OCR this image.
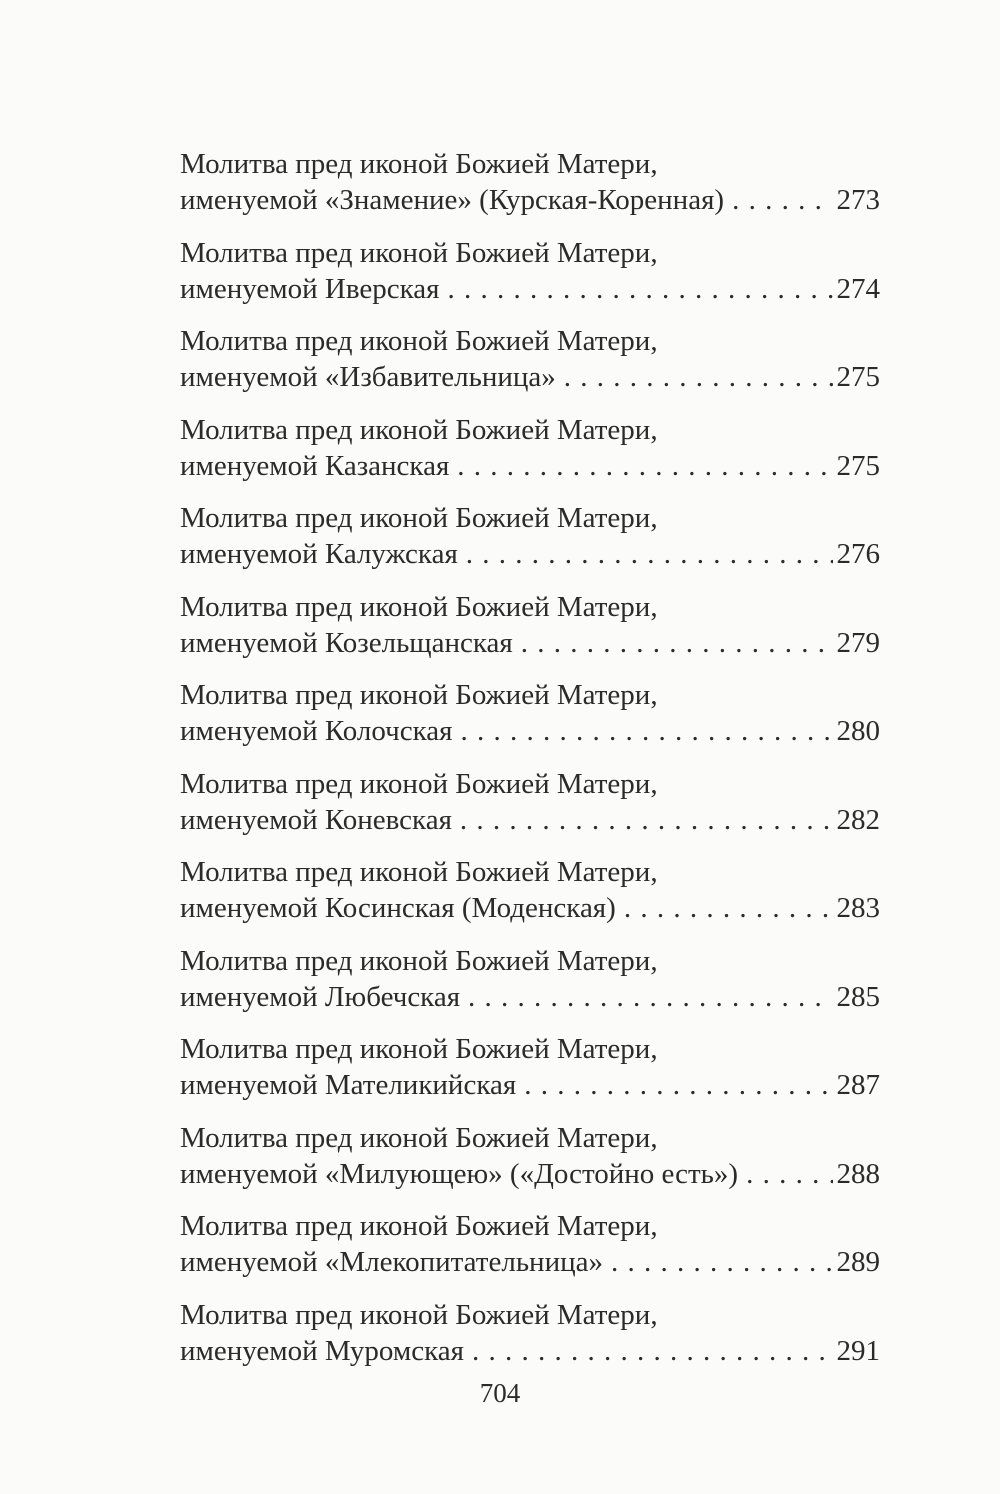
Молитва пред иконой Божией Матери,
именуемой «Знамение» (Курская-Коренная) . . .	273
Молитва пред иконой Божией Матери,
именуемой Иверская . . .	274
Молитва пред иконой Божией Матери,
именуемой «Избавительница» . . .	275
Молитва пред иконой Божией Матери,
именуемой Казанская . . .	275
Молитва пред иконой Божией Матери,
именуемой Калужская . . .	276
Молитва пред иконой Божией Матери,
именуемой Козельщанская . . .	279
Молитва пред иконой Божией Матери,
именуемой Колочская . . .	280
Молитва пред иконой Божией Матери,
именуемой Коневская . . .	282
Молитва пред иконой Божией Матери,
именуемой Косинская (Моденская) . . .	283
Молитва пред иконой Божией Матери,
именуемой Любечская . . .	285
Молитва пред иконой Божией Матери,
именуемой Мателикийская . . .	287
Молитва пред иконой Божией Матери,
именуемой «Милующею» («Достойно есть») . . .	288
Молитва пред иконой Божией Матери,
именуемой «Млекопитательница» . . .	289
Молитва пред иконой Божией Матери,
именуемой Муромская . . .	291
704
